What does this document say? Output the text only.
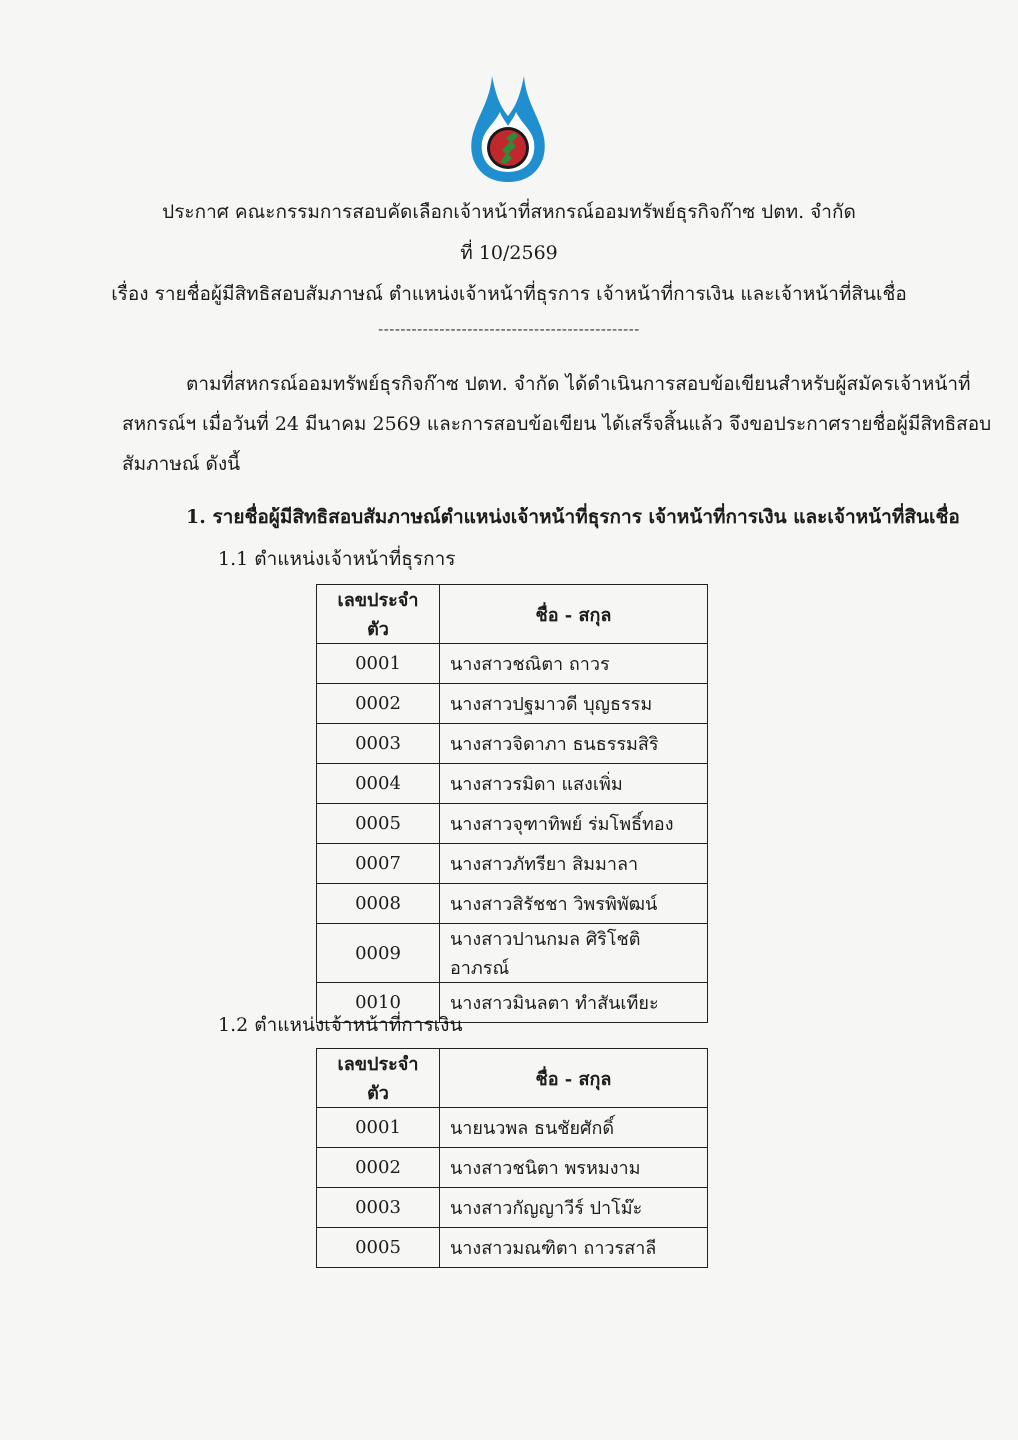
ประกาศ คณะกรรมการสอบคัดเลือกเจ้าหน้าที่สหกรณ์ออมทรัพย์ธุรกิจก๊าซ ปตท. จำกัด
ที่ 10/2569
เรื่อง รายชื่อผู้มีสิทธิสอบสัมภาษณ์ ตำแหน่งเจ้าหน้าที่ธุรการ เจ้าหน้าที่การเงิน และเจ้าหน้าที่สินเชื่อ
-----------------------------------------------
ตามที่สหกรณ์ออมทรัพย์ธุรกิจก๊าซ ปตท. จำกัด ได้ดำเนินการสอบข้อเขียนสำหรับผู้สมัครเจ้าหน้าที่
สหกรณ์ฯ เมื่อวันที่ 24 มีนาคม 2569 และการสอบข้อเขียน ได้เสร็จสิ้นแล้ว จึงขอประกาศรายชื่อผู้มีสิทธิสอบ
สัมภาษณ์ ดังนี้
1. รายชื่อผู้มีสิทธิสอบสัมภาษณ์ตำแหน่งเจ้าหน้าที่ธุรการ เจ้าหน้าที่การเงิน และเจ้าหน้าที่สินเชื่อ
1.1 ตำแหน่งเจ้าหน้าที่ธุรการ
เลขประจำตัว	ชื่อ - สกุล
0001	นางสาวชณิตา ถาวร
0002	นางสาวปฐมาวดี บุญธรรม
0003	นางสาวจิดาภา ธนธรรมสิริ
0004	นางสาวรมิดา แสงเพิ่ม
0005	นางสาวจุฑาทิพย์ ร่มโพธิ์ทอง
0007	นางสาวภัทรียา สิมมาลา
0008	นางสาวสิรัชชา วิพรพิพัฒน์
0009	นางสาวปานกมล ศิริโชติอาภรณ์
0010	นางสาวมินลตา ทำสันเทียะ
1.2 ตำแหน่งเจ้าหน้าที่การเงิน
เลขประจำตัว	ชื่อ - สกุล
0001	นายนวพล ธนชัยศักดิ์
0002	นางสาวชนิตา พรหมงาม
0003	นางสาวกัญญาวีร์ ปาโม๊ะ
0005	นางสาวมณฑิตา ถาวรสาลี
